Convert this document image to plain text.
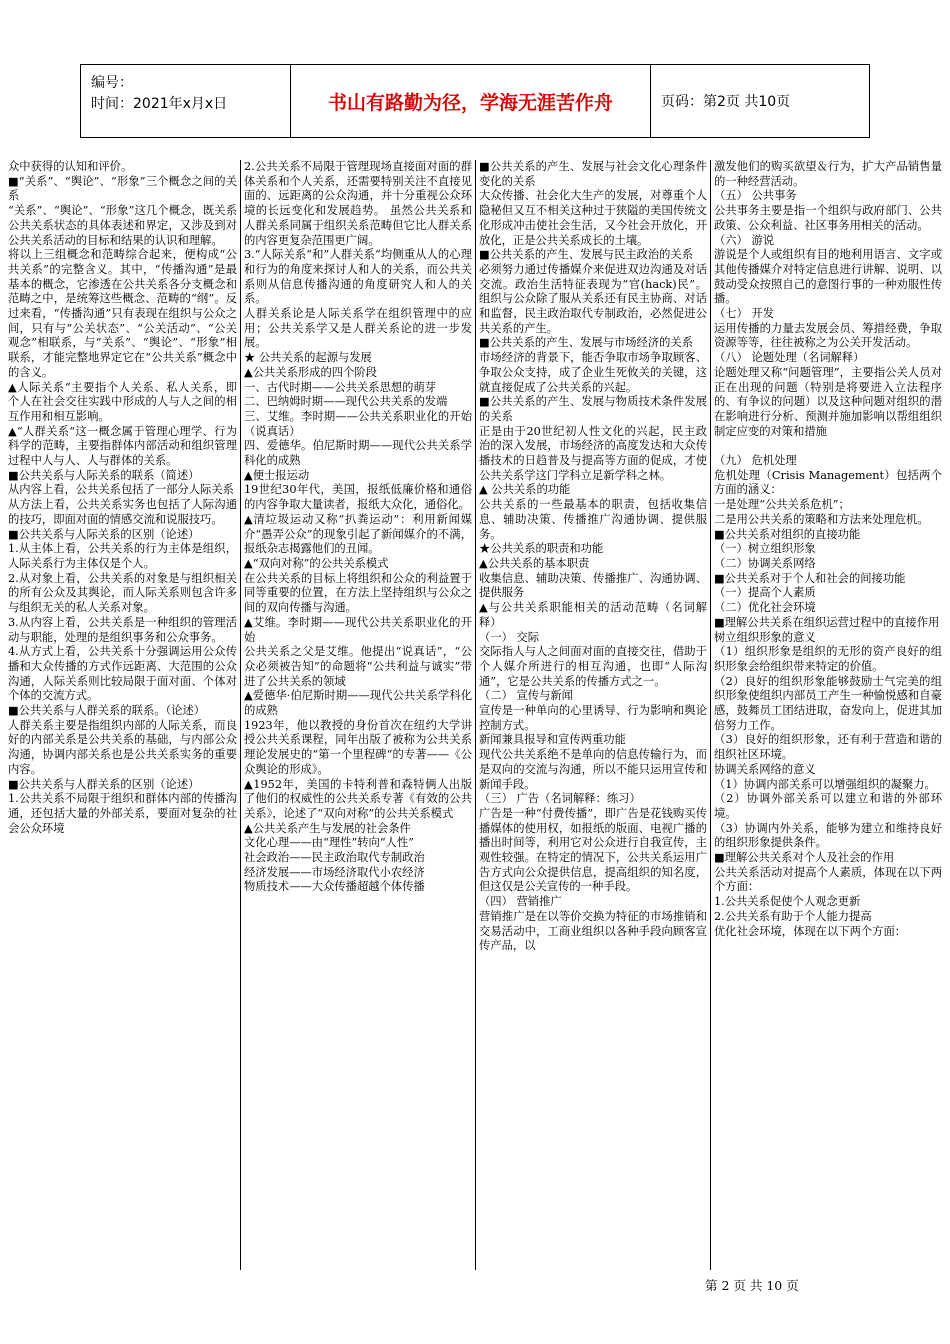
编号：
时间：2021年x月x日	书山有路勤为径，学海无涯苦作舟	页码：第2页 共10页

众中获得的认知和评价。

■“关系”、“舆论”、“形象”三个概念之间的关系

“关系”、“舆论”、“形象”这几个概念，既关系公共关系状态的具体表述和界定，又涉及到对公共关系活动的目标和结果的认识和理解。

将以上三组概念和范畴综合起来，便构成“公共关系”的完整含义。其中，“传播沟通”是最基本的概念，它渗透在公共关系各分支概念和范畴之中，是统筹这些概念、范畴的“纲”。反过来看，“传播沟通”只有表现在组织与公众之间，只有与“公关状态”、“公关活动”、“公关观念”相联系，与“关系”、“舆论”、“形象”相联系，才能完整地界定它在“公共关系”概念中的含义。

▲人际关系“主要指个人关系、私人关系，即个人在社会交往实践中形成的人与人之间的相互作用和相互影响。

▲“人群关系“这一概念属于管理心理学、行为科学的范畴，主要指群体内部活动和组织管理过程中人与人、人与群体的关系。

■公共关系与人际关系的联系（简述）

从内容上看，公共关系包括了一部分人际关系

从方法上看，公共关系实务也包括了人际沟通的技巧，即面对面的情感交流和说服技巧。

■公共关系与人际关系的区别（论述）

1.从主体上看，公共关系的行为主体是组织，人际关系行为主体仅是个人。

2.从对象上看，公共关系的对象是与组织相关的所有公众及其舆论，而人际关系则包含许多与组织无关的私人关系对象。

3.从内容上看，公共关系是一种组织的管理活动与职能，处理的是组织事务和公众事务。

4.从方式上看，公共关系十分强调运用公众传播和大众传播的方式作远距离、大范围的公众沟通，人际关系则比较局限于面对面、个体对个体的交流方式。

■公共关系与人群关系的联系。（论述）

人群关系主要是指组织内部的人际关系，而良好的内部关系是公共关系的基础，与内部公众沟通，协调内部关系也是公共关系实务的重要内容。

■公共关系与人群关系的区别（论述）

1.公共关系不局限于组织和群体内部的传播沟通，还包括大量的外部关系，要面对复杂的社会公众环境

2.公共关系不局限于管理现场直接面对面的群体关系和个人关系，还需要特别关注不直接见面的、远距离的公众沟通，并十分重视公众环境的长远变化和发展趋势。 虽然公共关系和人群关系同属于组织关系范畴但它比人群关系的内容更复杂范围更广阔。

3.“人际关系“和”人群关系“均侧重从人的心理和行为的角度来探讨人和人的关系，而公共关系则从信息传播沟通的角度研究人和人的关系。

人群关系论是人际关系学在组织管理中的应用；公共关系学又是人群关系论的进一步发展。

★ 公共关系的起源与发展

▲公共关系形成的四个阶段

一、古代时期——公共关系思想的萌芽

二、巴纳姆时期——现代公共关系的发端

三、艾维。李时期——公共关系职业化的开始 （说真话）

四、爱德华。伯尼斯时期——现代公共关系学科化的成熟

▲便士报运动

19世纪30年代，美国，报纸低廉价格和通俗的内容争取大量读者，报纸大众化，通俗化。

▲清垃圾运动又称“扒粪运动”：利用新闻媒介“愚弄公众”的现象引起了新闻媒介的不满，报纸杂志揭露他们的丑闻。

▲“双向对称”的公共关系模式

在公共关系的目标上将组织和公众的利益置于同等重要的位置，在方法上坚持组织与公众之间的双向传播与沟通。

▲艾维。李时期——现代公共关系职业化的开始

公共关系之父是艾维。他提出“说真话”，“公众必须被告知”的命题将“公共利益与诚实”带进了公共关系的领域

▲爱德华·伯尼斯时期——现代公共关系学科化的成熟

1923年，他以教授的身份首次在纽约大学讲授公共关系课程，同年出版了被称为公共关系理论发展史的“第一个里程碑“的专著——《公众舆论的形成》。

▲1952年，美国的卡特利普和森特俩人出版了他们的权威性的公共关系专著《有效的公共关系》，论述了“双向对称”的公共关系模式

▲公共关系产生与发展的社会条件

文化心理——由“理性”转向“人性”

社会政治——民主政治取代专制政治

经济发展——市场经济取代小农经济

物质技术——大众传播超越个体传播

■公共关系的产生、发展与社会文化心理条件变化的关系

大众传播、社会化大生产的发展，对尊重个人隐秘但又互不相关这种过于狭隘的美国传统文化形成冲击使社会生活，又今社会开放化，开放化，正是公共关系成长的土壤。

■公共关系的产生、发展与民主政治的关系

必须努力通过传播媒介来促进双边沟通及对话交流。政治生活特征表现为“官(hack)民”。组织与公众除了服从关系还有民主协商、对话和监督，民主政治取代专制政治，必然促进公共关系的产生。

■公共关系的产生、发展与市场经济的关系

市场经济的背景下，能否争取市场争取顾客、争取公众支持，成了企业生死攸关的关键，这就直接促成了公共关系的兴起。

■公共关系的产生、发展与物质技术条件发展的关系

正是由于20世纪初人性文化的兴起，民主政治的深入发展，市场经济的高度发达和大众传播技术的日趋普及与提高等方面的促成，才使公共关系学这门学科立足新学科之林。

▲ 公共关系的功能

公共关系的一些最基本的职责，包括收集信息、辅助决策、传播推广沟通协调、提供服务。

★公共关系的职责和功能

▲公共关系的基本职责

收集信息、辅助决策、传播推广、沟通协调、提供服务

▲与公共关系职能相关的活动范畴（名词解释）

（一） 交际

交际指人与人之间面对面的直接交往，借助于个人媒介所进行的相互沟通，也即“人际沟通”，它是公共关系的传播方式之一。

（二） 宣传与新闻

宣传是一种单向的心里诱导、行为影响和舆论控制方式。

新闻兼具报导和宣传两重功能

现代公共关系绝不是单向的信息传输行为，而是双向的交流与沟通，所以不能只运用宣传和新闻手段。

（三） 广告（名词解释：练习）

广告是一种“付费传播”，即广告是花钱购买传播媒体的使用权，如报纸的版面、电视广播的播出时间等，利用它对公众进行自我宣传，主观性较强。在特定的情况下，公共关系运用广告方式向公众提供信息，提高组织的知名度，但这仅是公关宣传的一种手段。

（四） 营销推广

营销推广是在以等价交换为特征的市场推销和交易活动中，工商业组织以各种手段向顾客宣传产品，以

激发他们的购买欲望＆行为，扩大产品销售量的一种经营活动。

（五） 公共事务

公共事务主要是指一个组织与政府部门、公共政策、公众利益、社区事务用相关的活动。

（六） 游说

游说是个人或组织有目的地利用语言、文字或其他传播媒介对特定信息进行讲解、说明、以鼓动受众按照自己的意图行事的一种劝服性传播。

（七） 开发

运用传播的力量去发展会员、筹措经费，争取资源等等，往往被称之为公关开发活动。

（八） 论题处理（名词解释）

论题处理又称“问题管理”，主要指公关人员对正在出现的问题（特别是将要进入立法程序的、有争议的问题）以及这种问题对组织的潜在影响进行分析、预测并施加影响以帮组组织制定应变的对策和措施

（九） 危机处理

危机处理（Crisis Management）包括两个方面的涵义：

一是处理“公共关系危机”；

二是用公共关系的策略和方法来处理危机。

■公共关系对组织的直接功能

（一）树立组织形象

（二）协调关系网络

■公共关系对于个人和社会的间接功能

（一）提高个人素质

（二）优化社会环境

■理解公共关系在组织运营过程中的直接作用

树立组织形象的意义

（1）组织形象是组织的无形的资产良好的组织形象会给组织带来特定的价值。

（2）良好的组织形象能够鼓励士气完美的组织形象使组织内部员工产生一种愉悦感和自豪感，鼓舞员工团结进取，奋发向上，促进其加倍努力工作。

（3）良好的组织形象，还有利于营造和谐的组织社区环境。

协调关系网络的意义

（1）协调内部关系可以增强组织的凝聚力。

（2）协调外部关系可以建立和谐的外部环境。

（3）协调内外关系，能够为建立和维持良好的组织形象提供条件。

■理解公共关系对个人及社会的作用

公共关系活动对提高个人素质，体现在以下两个方面：

1.公共关系促使个人观念更新

2.公共关系有助于个人能力提高

优化社会环境，体现在以下两个方面：

第 2 页 共 10 页
